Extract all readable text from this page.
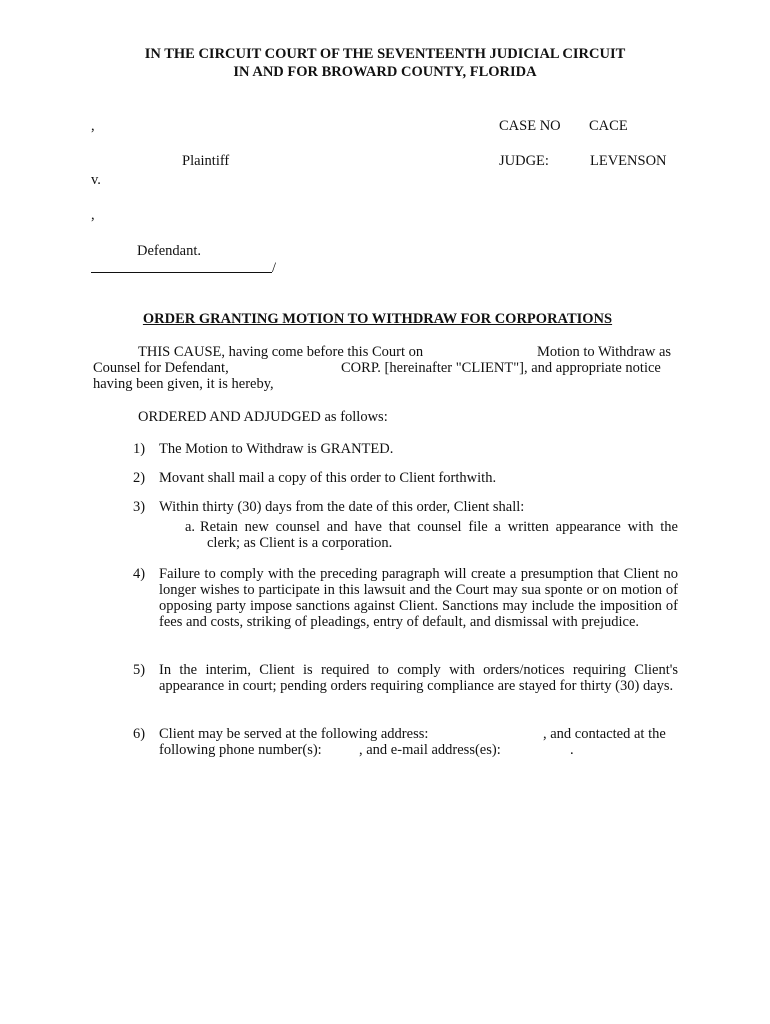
IN THE CIRCUIT COURT OF THE SEVENTEENTH JUDICIAL CIRCUIT
IN AND FOR BROWARD COUNTY, FLORIDA
,
Plaintiff
v.
,
Defendant.
/
CASE NO CACE
JUDGE:	LEVENSON
ORDER GRANTING MOTION TO WITHDRAW FOR CORPORATIONS
THIS CAUSE, having come before this Court on	Motion to Withdraw as
Counsel for Defendant,	CORP. [hereinafter "CLIENT"], and appropriate notice
having been given, it is hereby,
ORDERED AND ADJUDGED as follows:
1) The Motion to Withdraw is GRANTED.
2) Movant shall mail a copy of this order to Client forthwith.
3) Within thirty (30) days from the date of this order, Client shall:
a. Retain new counsel and have that counsel file a written appearance with the
clerk; as Client is a corporation.
4) Failure to comply with the preceding paragraph will create a presumption that Client no longer wishes to participate in this lawsuit and the Court may sua sponte or on motion of opposing party impose sanctions against Client. Sanctions may include the imposition of fees and costs, striking of pleadings, entry of default, and dismissal with prejudice.
5) In the interim, Client is required to comply with orders/notices requiring Client's appearance in court; pending orders requiring compliance are stayed for thirty (30) days.
6) Client may be served at the following address:	, and contacted at the
following phone number(s):	, and e-mail address(es):	.
